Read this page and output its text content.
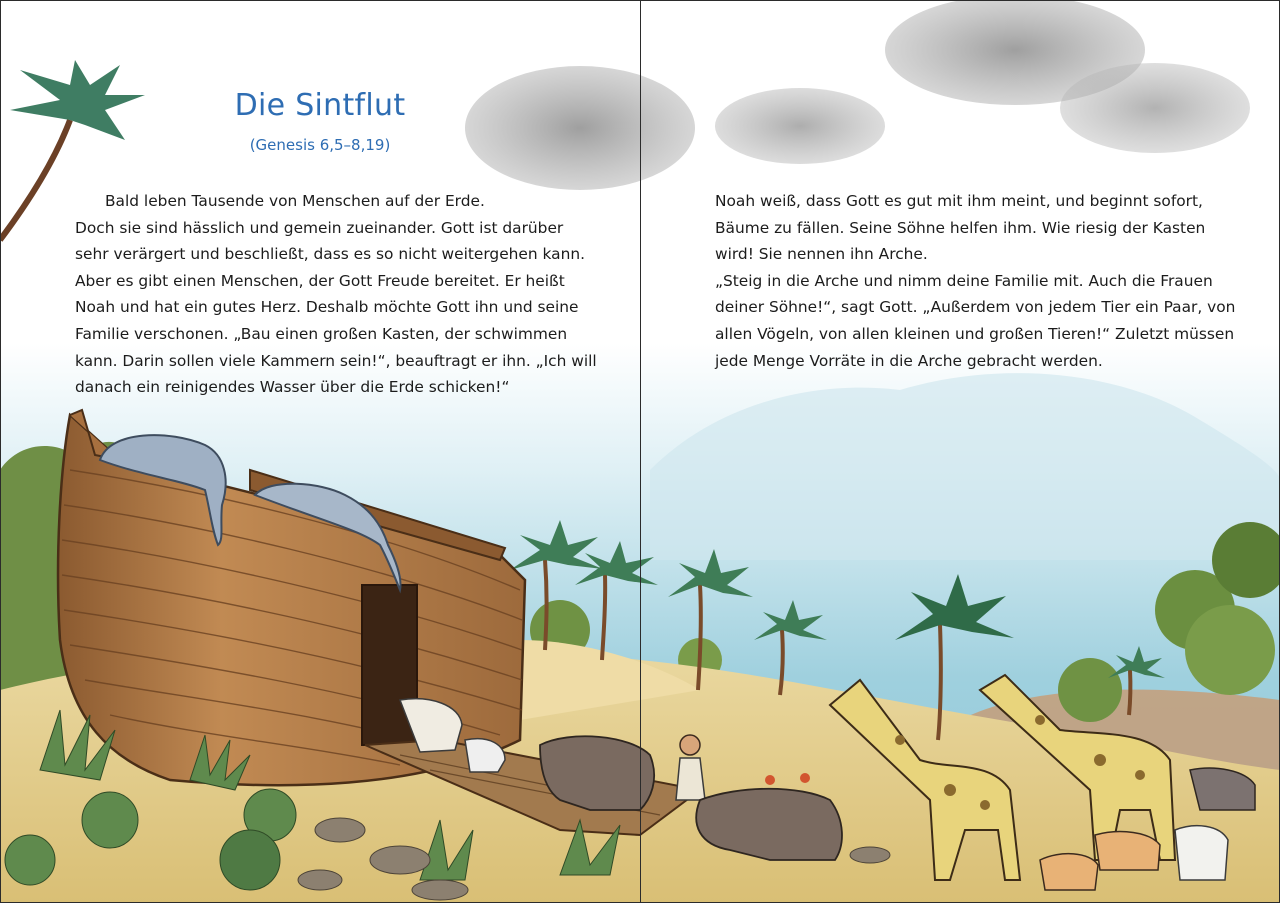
Die Sintflut
(Genesis 6,5–8,19)

Bald leben Tausende von Menschen auf der Erde.
Doch sie sind hässlich und gemein zueinander. Gott ist darüber
sehr verärgert und beschließt, dass es so nicht weitergehen kann.
Aber es gibt einen Menschen, der Gott Freude bereitet. Er heißt
Noah und hat ein gutes Herz. Deshalb möchte Gott ihn und seine
Familie verschonen. „Bau einen großen Kasten, der schwimmen
kann. Darin sollen viele Kammern sein!“, beauftragt er ihn. „Ich will
danach ein reinigendes Wasser über die Erde schicken!“

Noah weiß, dass Gott es gut mit ihm meint, und beginnt sofort,
Bäume zu fällen. Seine Söhne helfen ihm. Wie riesig der Kasten
wird! Sie nennen ihn Arche.
„Steig in die Arche und nimm deine Familie mit. Auch die Frauen
deiner Söhne!“, sagt Gott. „Außerdem von jedem Tier ein Paar, von
allen Vögeln, von allen kleinen und großen Tieren!“ Zuletzt müssen
jede Menge Vorräte in die Arche gebracht werden.
